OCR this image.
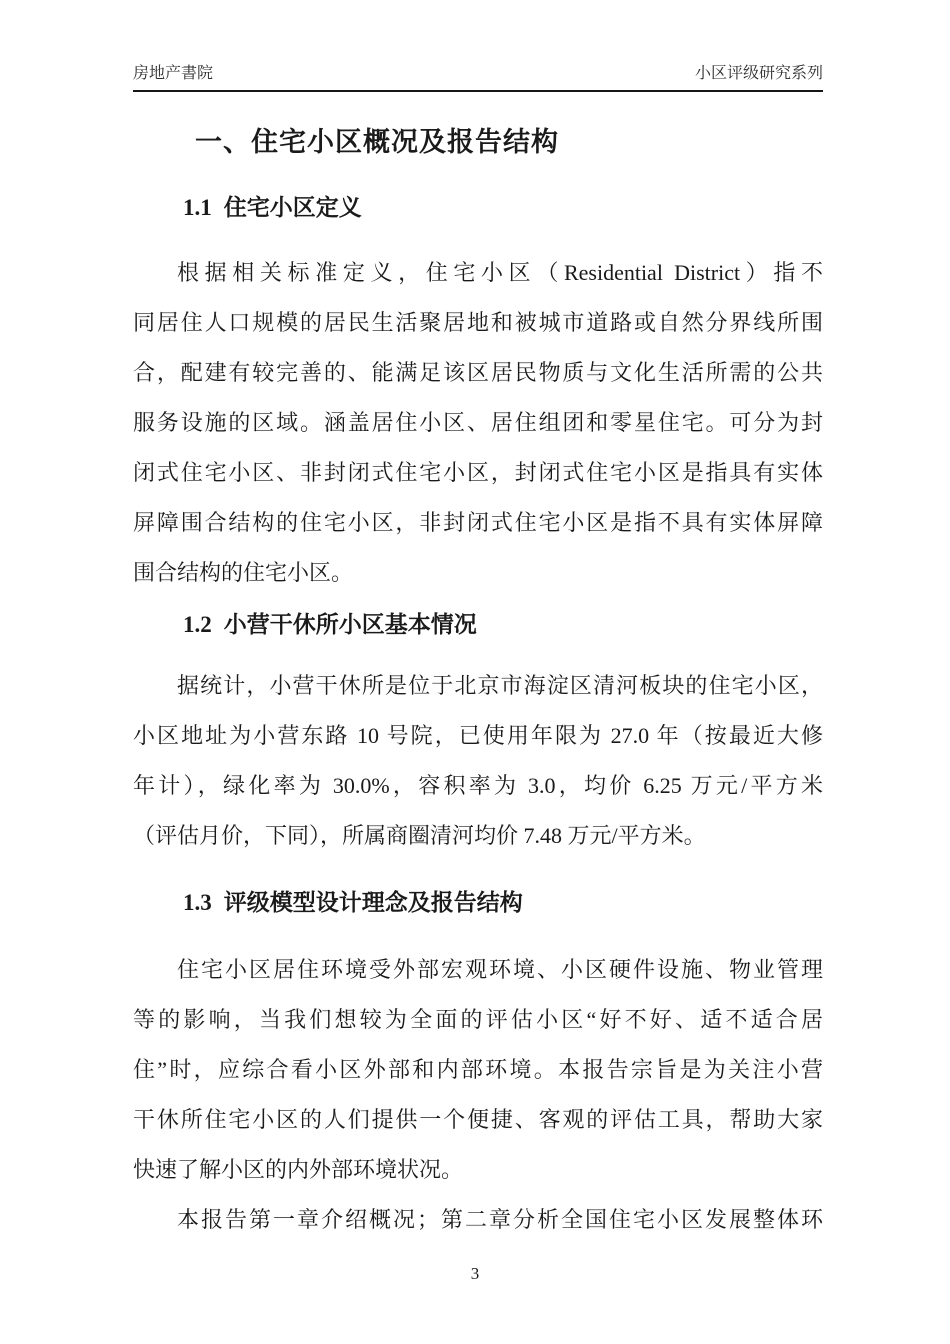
房地产書院	小区评级研究系列
一、住宅小区概况及报告结构
1.1 住宅小区定义
根据相关标准定义，住宅小区（Residential District）指不
同居住人口规模的居民生活聚居地和被城市道路或自然分界线所围
合，配建有较完善的、能满足该区居民物质与文化生活所需的公共
服务设施的区域。涵盖居住小区、居住组团和零星住宅。可分为封
闭式住宅小区、非封闭式住宅小区，封闭式住宅小区是指具有实体
屏障围合结构的住宅小区，非封闭式住宅小区是指不具有实体屏障
围合结构的住宅小区。
1.2 小营干休所小区基本情况
据统计，小营干休所是位于北京市海淀区清河板块的住宅小区，
小区地址为小营东路 10 号院，已使用年限为 27.0 年（按最近大修
年计），绿化率为 30.0%，容积率为 3.0，均价 6.25 万元/平方米
（评估月价，下同），所属商圈清河均价 7.48 万元/平方米。
1.3 评级模型设计理念及报告结构
住宅小区居住环境受外部宏观环境、小区硬件设施、物业管理
等的影响，当我们想较为全面的评估小区“好不好、适不适合居
住”时，应综合看小区外部和内部环境。本报告宗旨是为关注小营
干休所住宅小区的人们提供一个便捷、客观的评估工具，帮助大家
快速了解小区的内外部环境状况。
本报告第一章介绍概况；第二章分析全国住宅小区发展整体环
3
